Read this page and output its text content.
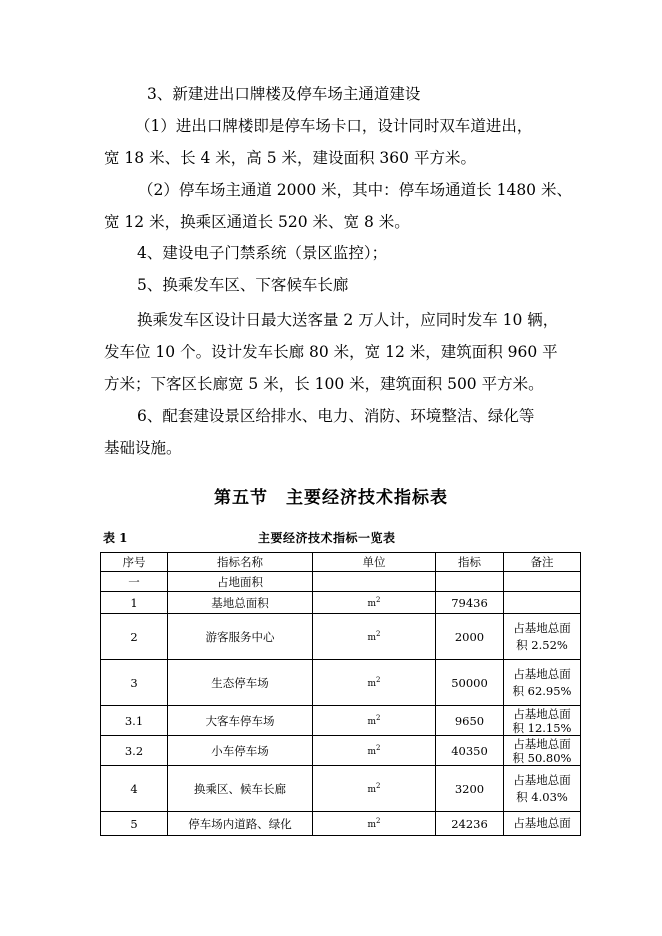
3、新建进出口牌楼及停车场主通道建设
（1）进出口牌楼即是停车场卡口，设计同时双车道进出，
宽 18 米、长 4 米，高 5 米，建设面积 360 平方米。
（2）停车场主通道 2000 米，其中：停车场通道长 1480 米、
宽 12 米，换乘区通道长 520 米、宽 8 米。
4、建设电子门禁系统（景区监控）；
5、换乘发车区、下客候车长廊
换乘发车区设计日最大送客量 2 万人计，应同时发车 10 辆，
发车位 10 个。设计发车长廊 80 米，宽 12 米，建筑面积 960 平
方米；下客区长廊宽 5 米，长 100 米，建筑面积 500 平方米。
6、配套建设景区给排水、电力、消防、环境整洁、绿化等
基础设施。
第五节　主要经济技术指标表
表 1	主要经济技术指标一览表
序号	指标名称	单位	指标	备注
一	占地面积			
1	基地总面积	$m^2$	79436	
2	游客服务中心	$m^2$	2000	占基地总面
积 2.52%

3	生态停车场	$m^2$	50000	占基地总面
积 62.95%

3.1	大客车停车场	$m^2$	9650	占基地总面
积 12.15%

3.2	小车停车场	$m^2$	40350	占基地总面
积 50.80%

4	换乘区、候车长廊	$m^2$	3200	占基地总面
积 4.03%

5	停车场内道路、绿化	$m^2$	24236	占基地总面
